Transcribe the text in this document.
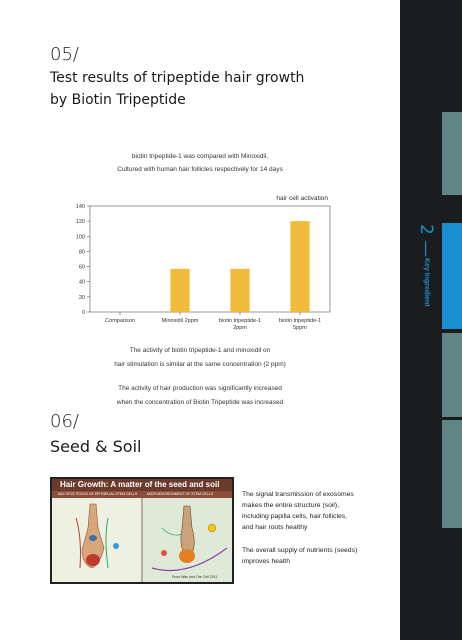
2 —
Key Ingredient
05/
Test results of tripeptide hair growth
by Biotin Tripeptide
biotin tripeptide-1 was compared with Minoxidil,
Cultured with human hair follicles respectively for 14 days
hair cell activation
0
20
40
60
80
100
120
140
Comparison	Minoxidil 2ppm	biotin tripeptide-1
2ppm
biotin tripeptide-1
5ppm
The activity of biotin tripeptide-1 and minoxidil on
hair stimulation is similar at the same concentration (2 ppm)
The activity of hair production was significantly increased
when the concentration of Biotin Tripeptide was increased
06/
Seed & Soil
Hair Growth: A matter of the seed and soil
MULTIPLE POOLS OF EPITHELIAL STEM CELLS	MICROENVIRONMENT OF STEM CELLS
From Wan and Ore Cell 2011
The signal transmission of exosomes
makes the entire structure (soil),
including papilla cells, hair follicles,
and hair roots healthy
The overall supply of nutrients (seeds)
improves health
